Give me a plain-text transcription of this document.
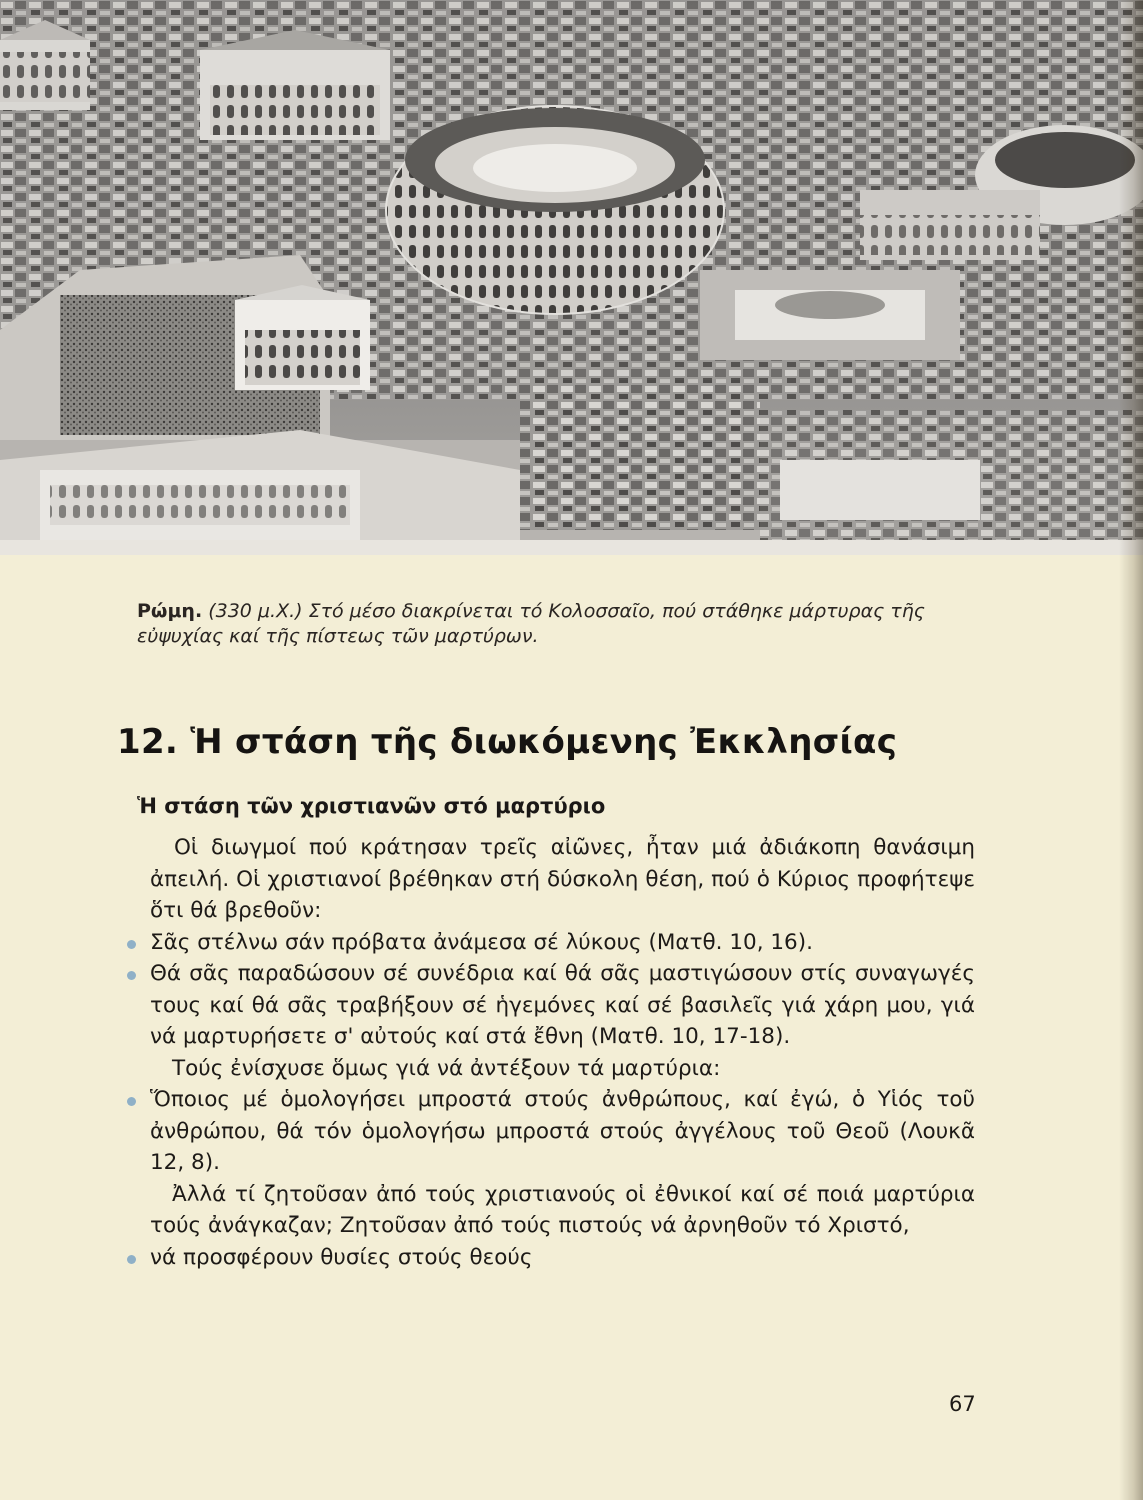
Ρώμη. (330 μ.Χ.) Στό μέσο διακρίνεται τό Κολοσσαῖο, πού στάθηκε μάρτυρας τῆς εὐψυχίας καί τῆς πίστεως τῶν μαρτύρων.

12. Ἡ στάση τῆς διωκόμενης Ἐκκλησίας
Ἡ στάση τῶν χριστιανῶν στό μαρτύριο

Οἱ διωγμοί πού κράτησαν τρεῖς αἰῶνες, ἦταν μιά ἀδιάκοπη θανάσιμη ἀπειλή. Οἱ χριστιανοί βρέθηκαν στή δύσκολη θέση, πού ὁ Κύριος προφήτεψε ὅτι θά βρεθοῦν:

Σᾶς στέλνω σάν πρόβατα ἀνάμεσα σέ λύκους (Ματθ. 10, 16).

Θά σᾶς παραδώσουν σέ συνέδρια καί θά σᾶς μαστιγώσουν στίς συναγωγές τους καί θά σᾶς τραβήξουν σέ ἡγεμόνες καί σέ βασιλεῖς γιά χάρη μου, γιά νά μαρτυρήσετε σ' αὐτούς καί στά ἔθνη (Ματθ. 10, 17-18).

Τούς ἐνίσχυσε ὅμως γιά νά ἀντέξουν τά μαρτύρια:

Ὅποιος μέ ὁμολογήσει μπροστά στούς ἀνθρώπους, καί ἐγώ, ὁ Υἱός τοῦ ἀνθρώπου, θά τόν ὁμολογήσω μπροστά στούς ἀγγέλους τοῦ Θεοῦ (Λουκᾶ 12, 8).

Ἀλλά τί ζητοῦσαν ἀπό τούς χριστιανούς οἱ ἐθνικοί καί σέ ποιά μαρτύρια τούς ἀνάγκαζαν; Ζητοῦσαν ἀπό τούς πιστούς νά ἀρνηθοῦν τό Χριστό,

νά προσφέρουν θυσίες στούς θεούς

67
